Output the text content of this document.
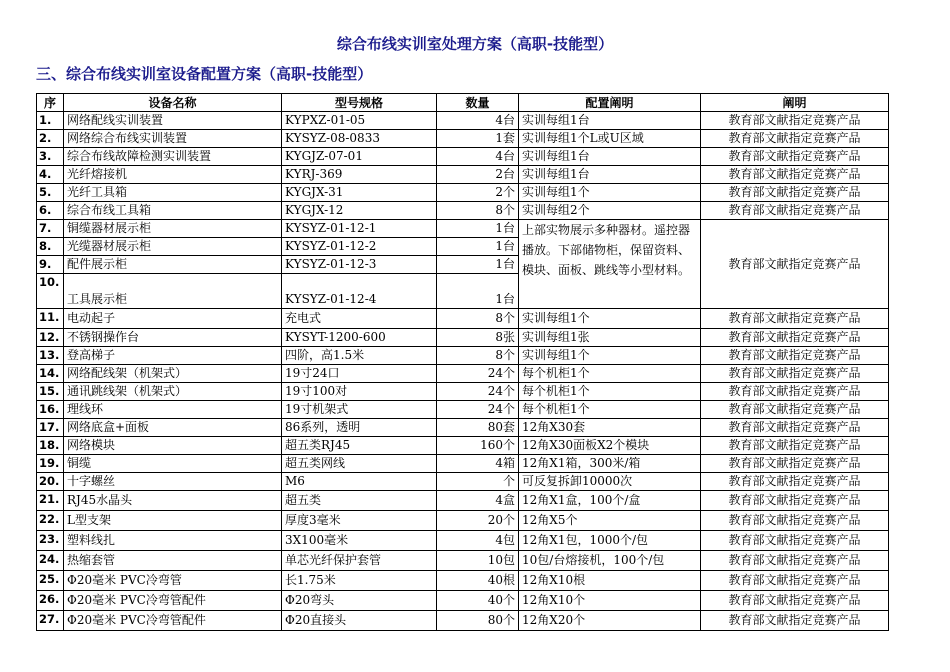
综合布线实训室处理方案（高职-技能型）
三、综合布线实训室设备配置方案（高职-技能型）
序	设备名称	型号规格	数量	配置阐明	阐明
1.	网络配线实训装置	KYPXZ-01-05	4台	实训每组1台	教育部文献指定竞赛产品
2.	网络综合布线实训装置	KYSYZ-08-0833	1套	实训每组1个L或U区域	教育部文献指定竞赛产品
3.	综合布线故障检测实训装置	KYGJZ-07-01	4台	实训每组1台	教育部文献指定竞赛产品
4.	光纤熔接机	KYRJ-369	2台	实训每组1台	教育部文献指定竞赛产品
5.	光纤工具箱	KYGJX-31	2个	实训每组1个	教育部文献指定竞赛产品
6.	综合布线工具箱	KYGJX-12	8个	实训每组2个	教育部文献指定竞赛产品
7.	铜缆器材展示柜	KYSYZ-01-12-1	1台	上部实物展示多种器材。遥控器播放。下部储物柜，保留资料、模块、面板、跳线等小型材料。	教育部文献指定竞赛产品
8.	光缆器材展示柜	KYSYZ-01-12-2	1台		
9.	配件展示柜	KYSYZ-01-12-3	1台		
10.	工具展示柜	KYSYZ-01-12-4	1台		
11.	电动起子	充电式	8个	实训每组1个	教育部文献指定竞赛产品
12.	不锈钢操作台	KYSYT-1200-600	8张	实训每组1张	教育部文献指定竞赛产品
13.	登高梯子	四阶，高1.5米	8个	实训每组1个	教育部文献指定竞赛产品
14.	网络配线架（机架式）	19寸24口	24个	每个机柜1个	教育部文献指定竞赛产品
15.	通讯跳线架（机架式）	19寸100对	24个	每个机柜1个	教育部文献指定竞赛产品
16.	理线环	19寸机架式	24个	每个机柜1个	教育部文献指定竞赛产品
17.	网络底盒+面板	86系列，透明	80套	12角X30套	教育部文献指定竞赛产品
18.	网络模块	超五类RJ45	160个	12角X30面板X2个模块	教育部文献指定竞赛产品
19.	铜缆	超五类网线	4箱	12角X1箱，300米/箱	教育部文献指定竞赛产品
20.	十字螺丝	M6	个	可反复拆卸10000次	教育部文献指定竞赛产品
21.	RJ45水晶头	超五类	4盒	12角X1盒，100个/盒	教育部文献指定竞赛产品
22.	L型支架	厚度3毫米	20个	12角X5个	教育部文献指定竞赛产品
23.	塑料线扎	3X100毫米	4包	12角X1包，1000个/包	教育部文献指定竞赛产品
24.	热缩套管	单芯光纤保护套管	10包	10包/台熔接机，100个/包	教育部文献指定竞赛产品
25.	Φ20毫米 PVC冷弯管	长1.75米	40根	12角X10根	教育部文献指定竞赛产品
26.	Φ20毫米 PVC冷弯管配件	Φ20弯头	40个	12角X10个	教育部文献指定竞赛产品
27.	Φ20毫米 PVC冷弯管配件	Φ20直接头	80个	12角X20个	教育部文献指定竞赛产品
